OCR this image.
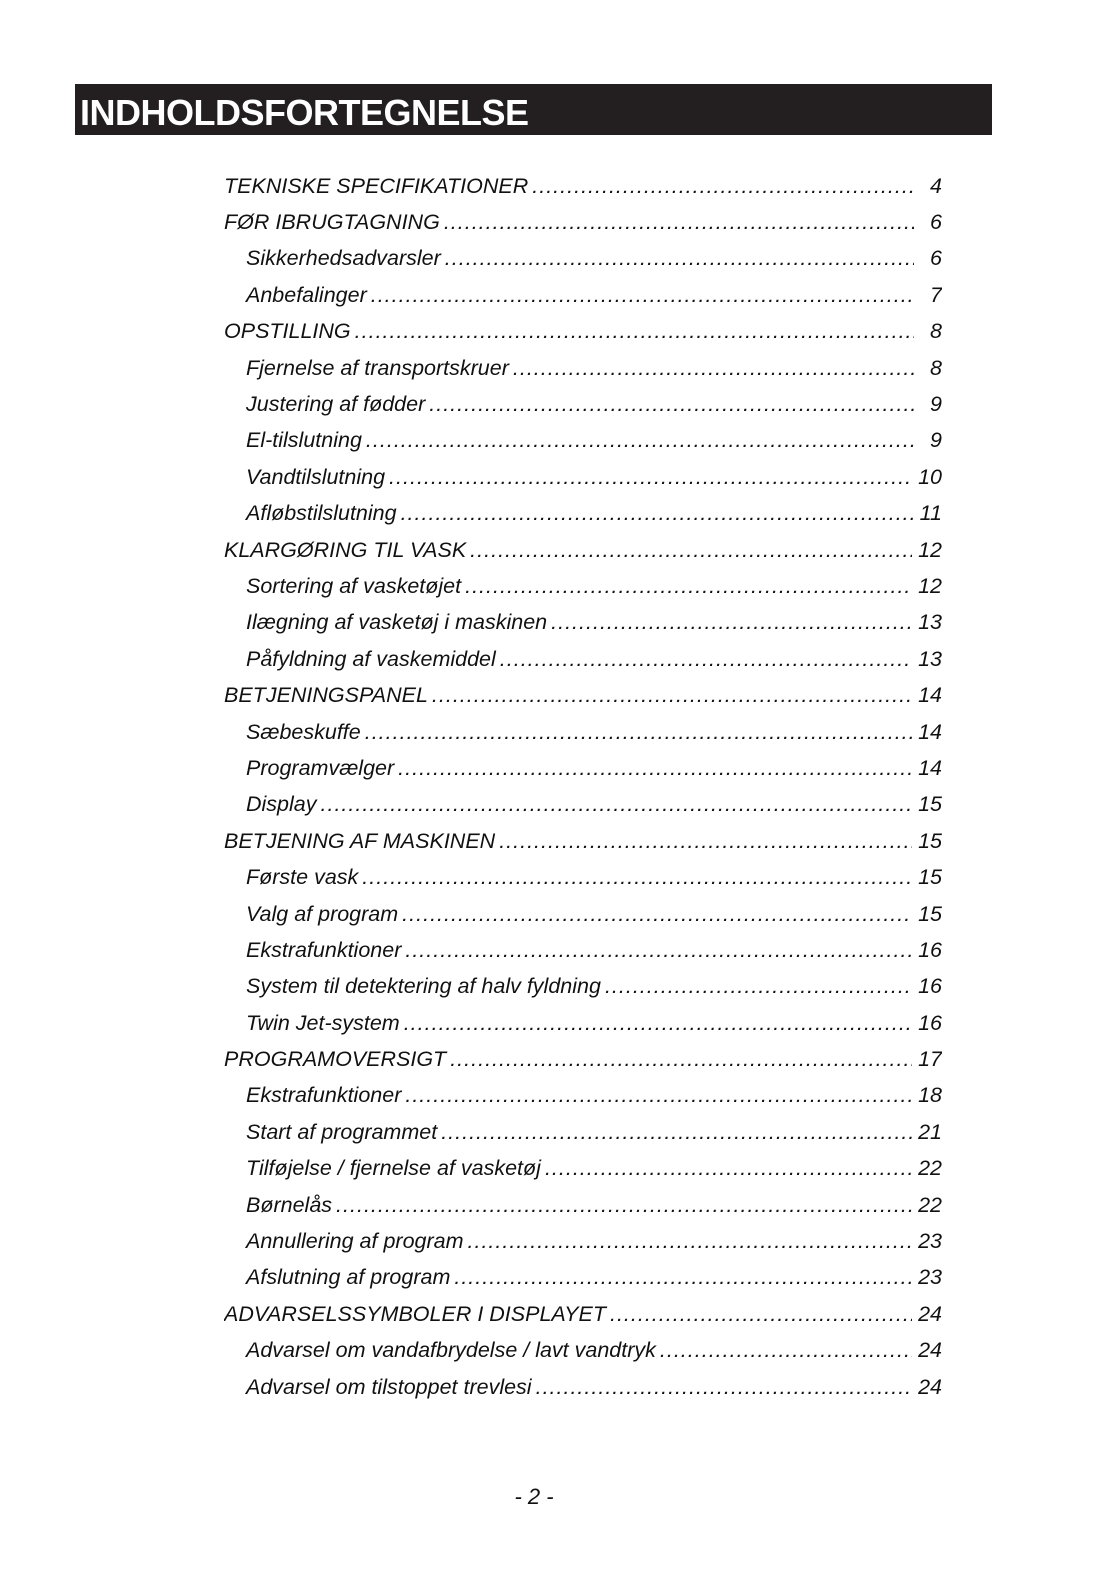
INDHOLDSFORTEGNELSE
TEKNISKE SPECIFIKATIONER .....	4
FØR IBRUGTAGNING .....	6
Sikkerhedsadvarsler .....	6
Anbefalinger .....	7
OPSTILLING .....	8
Fjernelse af transportskruer .....	8
Justering af fødder .....	9
El-tilslutning .....	9
Vandtilslutning .....	10
Afløbstilslutning .....	11
KLARGØRING TIL VASK .....	12
Sortering af vasketøjet .....	12
Ilægning af vasketøj i maskinen .....	13
Påfyldning af vaskemiddel .....	13
BETJENINGSPANEL .....	14
Sæbeskuffe .....	14
Programvælger .....	14
Display .....	15
BETJENING AF MASKINEN .....	15
Første vask .....	15
Valg af program .....	15
Ekstrafunktioner .....	16
System til detektering af halv fyldning .....	16
Twin Jet-system .....	16
PROGRAMOVERSIGT .....	17
Ekstrafunktioner .....	18
Start af programmet .....	21
Tilføjelse / fjernelse af vasketøj .....	22
Børnelås .....	22
Annullering af program .....	23
Afslutning af program .....	23
ADVARSELSSYMBOLER I DISPLAYET .....	24
Advarsel om vandafbrydelse / lavt vandtryk .....	24
Advarsel om tilstoppet trevlesi .....	24
- 2 -
